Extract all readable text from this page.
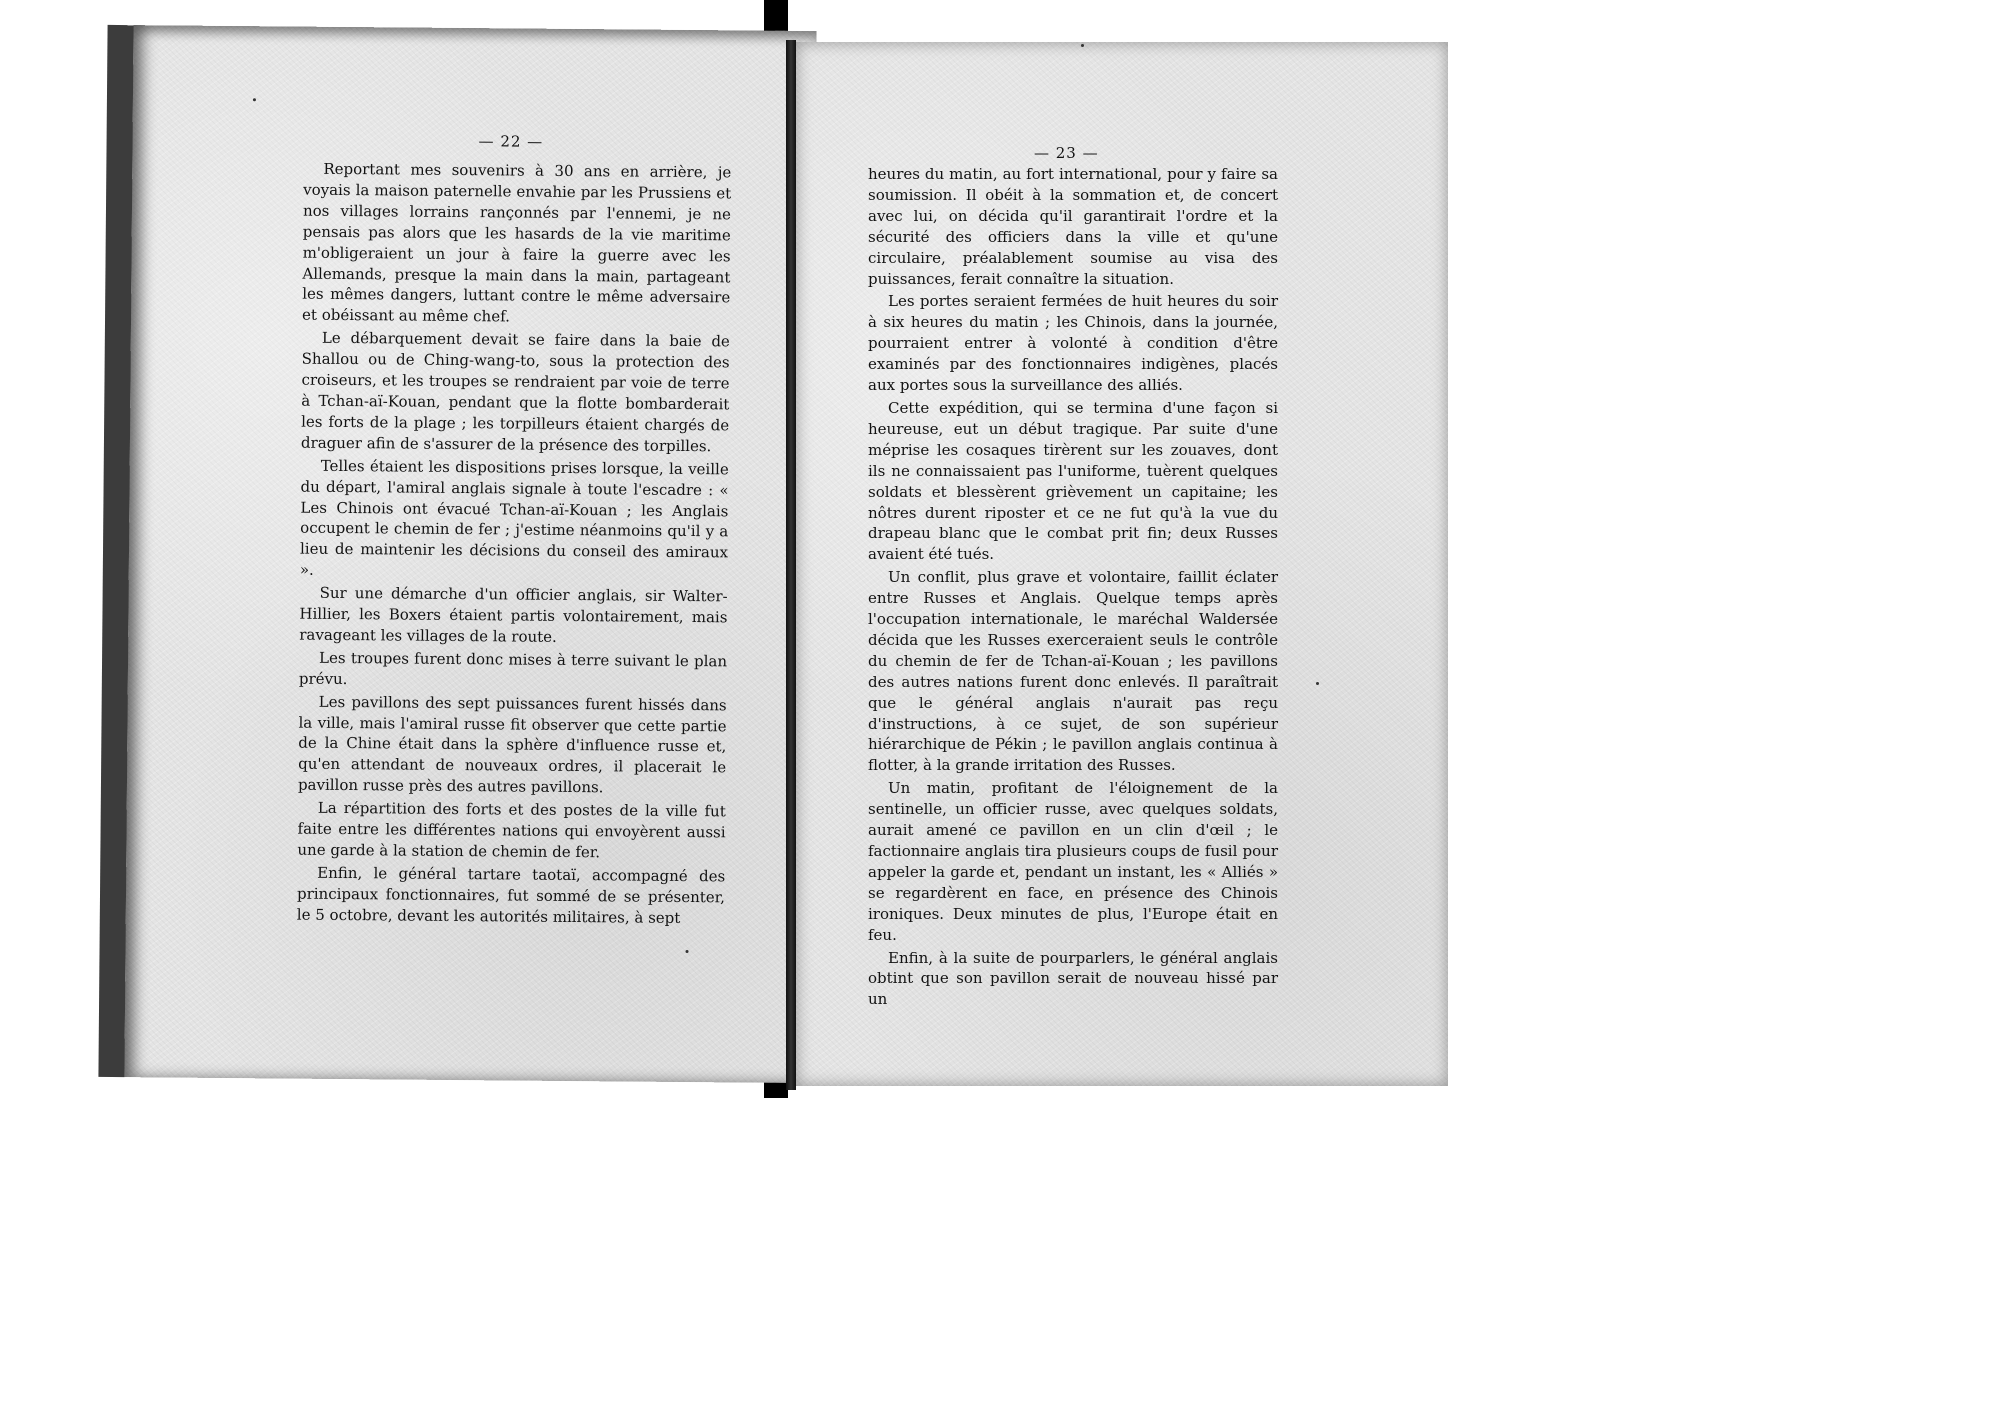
— 22 —

Reportant mes souvenirs à 30 ans en arrière, je voyais la maison paternelle envahie par les Prussiens et nos villages lorrains rançonnés par l'ennemi, je ne pensais pas alors que les hasards de la vie maritime m'obligeraient un jour à faire la guerre avec les Allemands, presque la main dans la main, partageant les mêmes dangers, luttant contre le même adversaire et obéissant au même chef.

Le débarquement devait se faire dans la baie de Shallou ou de Ching-wang-to, sous la protection des croiseurs, et les troupes se rendraient par voie de terre à Tchan-aï-Kouan, pendant que la flotte bombarderait les forts de la plage ; les torpilleurs étaient chargés de draguer afin de s'assurer de la présence des torpilles.

Telles étaient les dispositions prises lorsque, la veille du départ, l'amiral anglais signale à toute l'escadre : « Les Chinois ont évacué Tchan-aï-Kouan ; les Anglais occupent le chemin de fer ; j'estime néanmoins qu'il y a lieu de maintenir les décisions du conseil des amiraux ».

Sur une démarche d'un officier anglais, sir Walter-Hillier, les Boxers étaient partis volontairement, mais ravageant les villages de la route.

Les troupes furent donc mises à terre suivant le plan prévu.

Les pavillons des sept puissances furent hissés dans la ville, mais l'amiral russe fit observer que cette partie de la Chine était dans la sphère d'influence russe et, qu'en attendant de nouveaux ordres, il placerait le pavillon russe près des autres pavillons.

La répartition des forts et des postes de la ville fut faite entre les différentes nations qui envoyèrent aussi une garde à la station de chemin de fer.

Enfin, le général tartare taotaï, accompagné des principaux fonctionnaires, fut sommé de se présenter, le 5 octobre, devant les autorités militaires, à sept

— 23 —

heures du matin, au fort international, pour y faire sa soumission. Il obéit à la sommation et, de concert avec lui, on décida qu'il garantirait l'ordre et la sécurité des officiers dans la ville et qu'une circulaire, préalablement soumise au visa des puissances, ferait connaître la situation.

Les portes seraient fermées de huit heures du soir à six heures du matin ; les Chinois, dans la journée, pourraient entrer à volonté à condition d'être examinés par des fonctionnaires indigènes, placés aux portes sous la surveillance des alliés.

Cette expédition, qui se termina d'une façon si heureuse, eut un début tragique. Par suite d'une méprise les cosaques tirèrent sur les zouaves, dont ils ne connaissaient pas l'uniforme, tuèrent quelques soldats et blessèrent grièvement un capitaine; les nôtres durent riposter et ce ne fut qu'à la vue du drapeau blanc que le combat prit fin; deux Russes avaient été tués.

Un conflit, plus grave et volontaire, faillit éclater entre Russes et Anglais. Quelque temps après l'occupation internationale, le maréchal Waldersée décida que les Russes exerceraient seuls le contrôle du chemin de fer de Tchan-aï-Kouan ; les pavillons des autres nations furent donc enlevés. Il paraîtrait que le général anglais n'aurait pas reçu d'instructions, à ce sujet, de son supérieur hiérarchique de Pékin ; le pavillon anglais continua à flotter, à la grande irritation des Russes.

Un matin, profitant de l'éloignement de la sentinelle, un officier russe, avec quelques soldats, aurait amené ce pavillon en un clin d'œil ; le factionnaire anglais tira plusieurs coups de fusil pour appeler la garde et, pendant un instant, les « Alliés » se regardèrent en face, en présence des Chinois ironiques. Deux minutes de plus, l'Europe était en feu.

Enfin, à la suite de pourparlers, le général anglais obtint que son pavillon serait de nouveau hissé par un
